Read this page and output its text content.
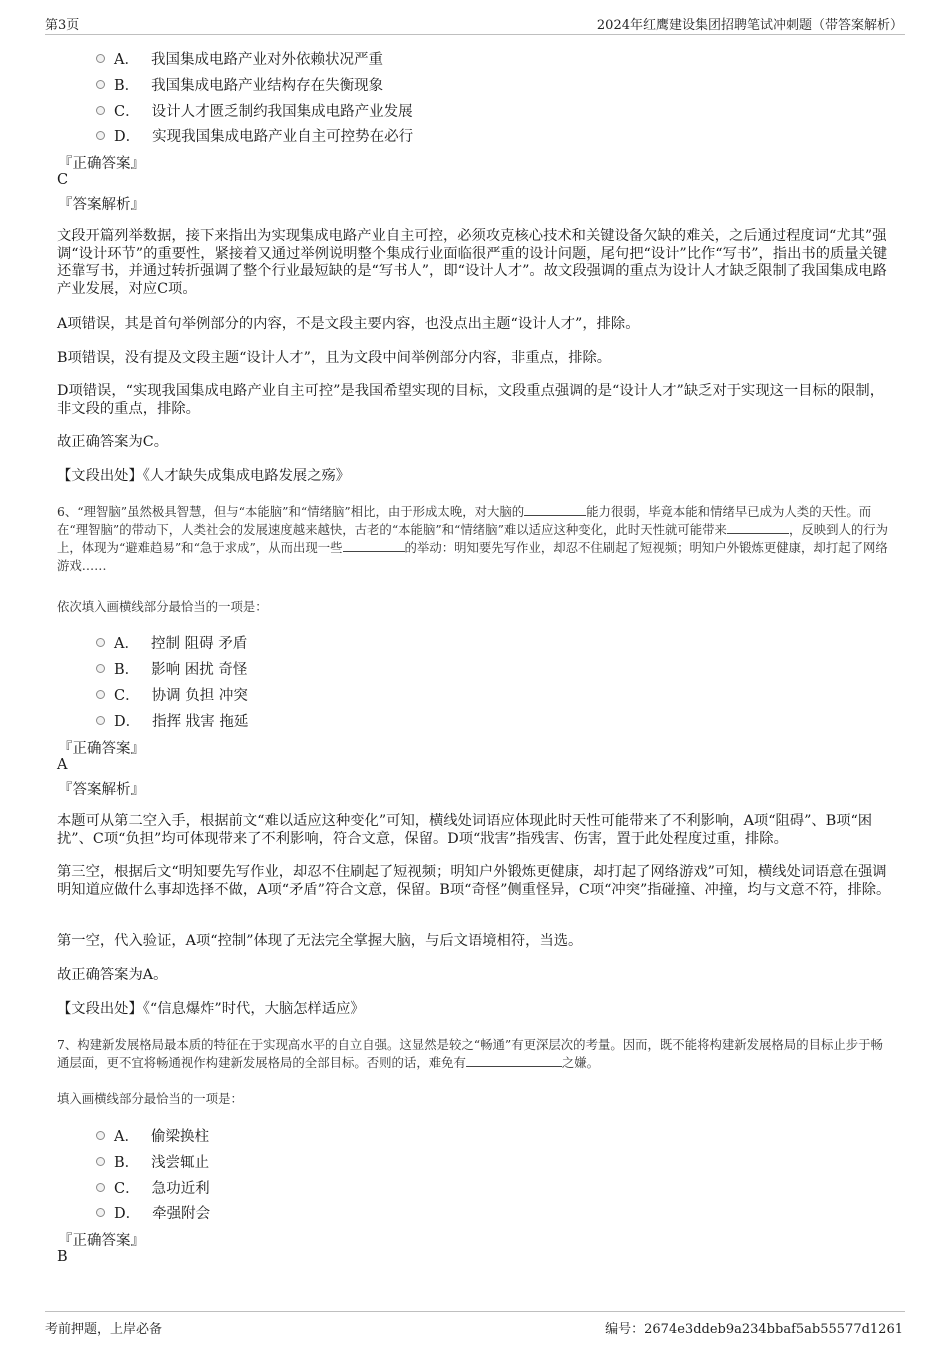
第3页	2024年红鹰建设集团招聘笔试冲刺题（带答案解析）
A． 我国集成电路产业对外依赖状况严重
B． 我国集成电路产业结构存在失衡现象
C． 设计人才匮乏制约我国集成电路产业发展
D． 实现我国集成电路产业自主可控势在必行
『正确答案』
C
『答案解析』
文段开篇列举数据，接下来指出为实现集成电路产业自主可控，必须攻克核心技术和关键设备欠缺的难关，之后通过程度词“尤其”强调“设计环节”的重要性，紧接着又通过举例说明整个集成行业面临很严重的设计问题，尾句把“设计”比作“写书”，指出书的质量关键还靠写书，并通过转折强调了整个行业最短缺的是“写书人”，即“设计人才”。故文段强调的重点为设计人才缺乏限制了我国集成电路产业发展，对应C项。
A项错误，其是首句举例部分的内容，不是文段主要内容，也没点出主题“设计人才”，排除。
B项错误，没有提及文段主题“设计人才”，且为文段中间举例部分内容，非重点，排除。
D项错误，“实现我国集成电路产业自主可控”是我国希望实现的目标，文段重点强调的是“设计人才”缺乏对于实现这一目标的限制，非文段的重点，排除。
故正确答案为C。
【文段出处】《人才缺失成集成电路发展之殇》
6、“理智脑”虽然极具智慧，但与“本能脑”和“情绪脑”相比，由于形成太晚，对大脑的	能力很弱，毕竟本能和情绪早已成为人类的天性。而在“理智脑”的带动下，人类社会的发展速度越来越快，古老的“本能脑”和“情绪脑”难以适应这种变化，此时天性就可能带来	，反映到人的行为上，体现为“避难趋易”和“急于求成”，从而出现一些	的举动：明知要先写作业，却忍不住刷起了短视频；明知户外锻炼更健康，却打起了网络游戏……
依次填入画横线部分最恰当的一项是：
A． 控制 阻碍 矛盾
B． 影响 困扰 奇怪
C． 协调 负担 冲突
D． 指挥 戕害 拖延
『正确答案』
A
『答案解析』
本题可从第二空入手，根据前文“难以适应这种变化”可知，横线处词语应体现此时天性可能带来了不利影响，A项“阻碍”、B项“困扰”、C项“负担”均可体现带来了不利影响，符合文意，保留。D项“戕害”指残害、伤害，置于此处程度过重，排除。
第三空，根据后文“明知要先写作业，却忍不住刷起了短视频；明知户外锻炼更健康，却打起了网络游戏”可知，横线处词语意在强调明知道应做什么事却选择不做，A项“矛盾”符合文意，保留。B项“奇怪”侧重怪异，C项“冲突”指碰撞、冲撞，均与文意不符，排除。
第一空，代入验证，A项“控制”体现了无法完全掌握大脑，与后文语境相符，当选。
故正确答案为A。
【文段出处】《“信息爆炸”时代，大脑怎样适应》
7、构建新发展格局最本质的特征在于实现高水平的自立自强。这显然是较之“畅通”有更深层次的考量。因而，既不能将构建新发展格局的目标止步于畅通层面，更不宜将畅通视作构建新发展格局的全部目标。否则的话，难免有	之嫌。
填入画横线部分最恰当的一项是：
A． 偷梁换柱
B． 浅尝辄止
C． 急功近利
D． 牵强附会
『正确答案』
B
考前押题，上岸必备	编号：2674e3ddeb9a234bbaf5ab55577d1261
